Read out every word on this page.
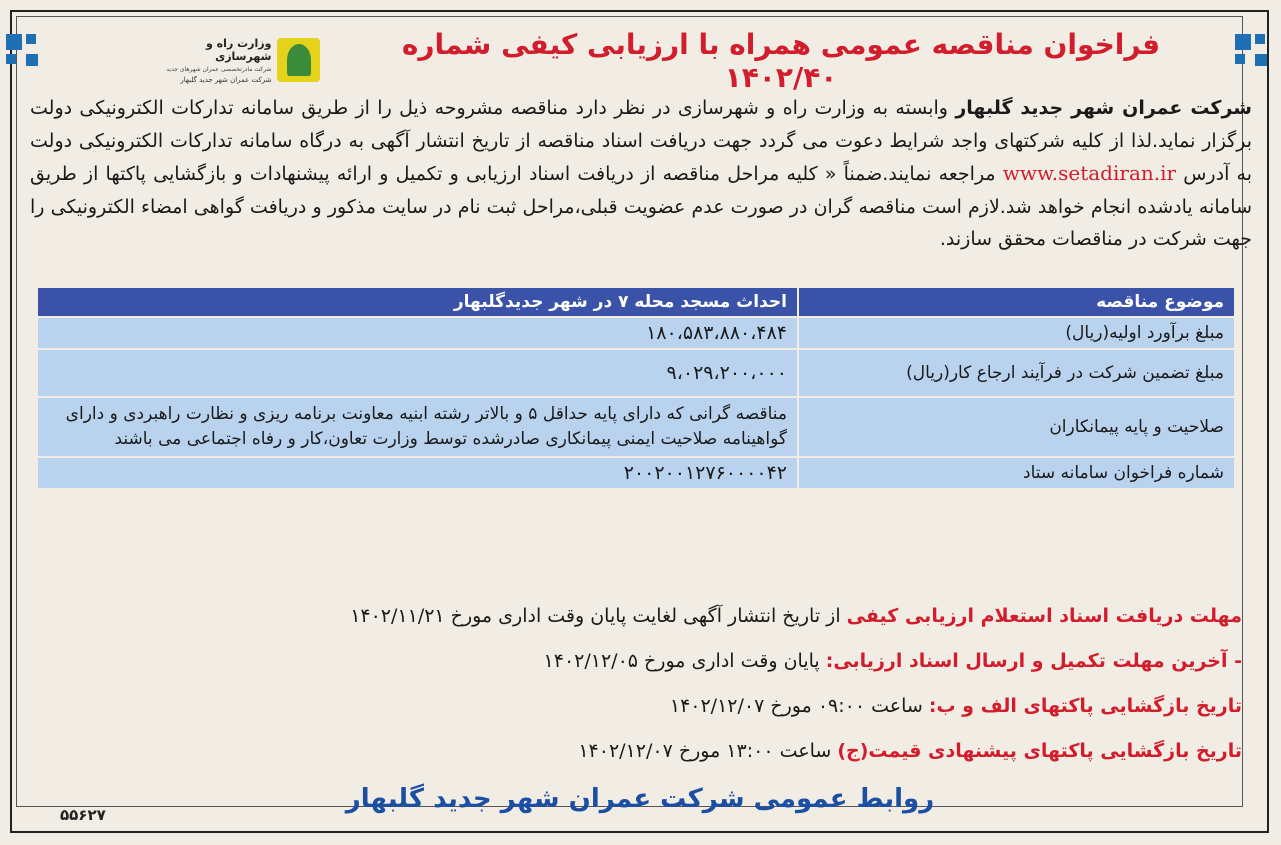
وزارت راه و شهرسازی
شرکت مادرتخصصی عمران شهرهای جدید
شرکت عمران شهر جدید گلبهار
فراخوان مناقصه عمومی همراه با ارزیابی کیفی شماره ۱۴۰۲/۴۰
شرکت عمران شهر جدید گلبهار وابسته به وزارت راه و شهرسازی در نظر دارد مناقصه مشروحه ذیل را از طریق سامانه تدارکات الکترونیکی دولت برگزار نماید.لذا از کلیه شرکتهای واجد شرایط دعوت می گردد جهت دریافت اسناد مناقصه از تاریخ انتشار آگهی به درگاه سامانه تدارکات الکترونیکی دولت به آدرس www.setadiran.ir مراجعه نمایند.ضمناً « کلیه مراحل مناقصه از دریافت اسناد ارزیابی و تکمیل و ارائه پیشنهادات و بازگشایی پاکتها از طریق سامانه یادشده انجام خواهد شد.لازم است مناقصه گران در صورت عدم عضویت قبلی،مراحل ثبت نام در سایت مذکور و دریافت گواهی امضاء الکترونیکی را جهت شرکت در مناقصات محقق سازند.
موضوع مناقصه	احداث مسجد محله ۷ در شهر جدیدگلبهار
مبلغ برآورد اولیه(ریال)	۱۸۰،۵۸۳،۸۸۰،۴۸۴
مبلغ تضمین شرکت در فرآیند ارجاع کار(ریال)	۹،۰۲۹،۲۰۰،۰۰۰
صلاحیت و پایه پیمانکاران	مناقصه گرانی که دارای پایه حداقل ۵ و بالاتر رشته ابنیه معاونت برنامه ریزی و نظارت راهبردی و دارای گواهینامه صلاحیت ایمنی پیمانکاری صادرشده توسط وزارت تعاون،کار و رفاه اجتماعی می باشند
شماره فراخوان سامانه ستاد	۲۰۰۲۰۰۱۲۷۶۰۰۰۰۴۲
مهلت دریافت اسناد استعلام ارزیابی کیفی از تاریخ انتشار آگهی لغایت پایان وقت اداری مورخ ۱۴۰۲/۱۱/۲۱
- آخرین مهلت تکمیل و ارسال اسناد ارزیابی: پایان وقت اداری مورخ ۱۴۰۲/۱۲/۰۵
تاریخ بازگشایی پاکتهای الف و ب: ساعت ۰۹:۰۰ مورخ ۱۴۰۲/۱۲/۰۷
تاریخ بازگشایی پاکتهای پیشنهادی قیمت(ج) ساعت ۱۳:۰۰ مورخ ۱۴۰۲/۱۲/۰۷
روابط عمومی شرکت عمران شهر جدید گلبهار
۵۵۶۲۷
